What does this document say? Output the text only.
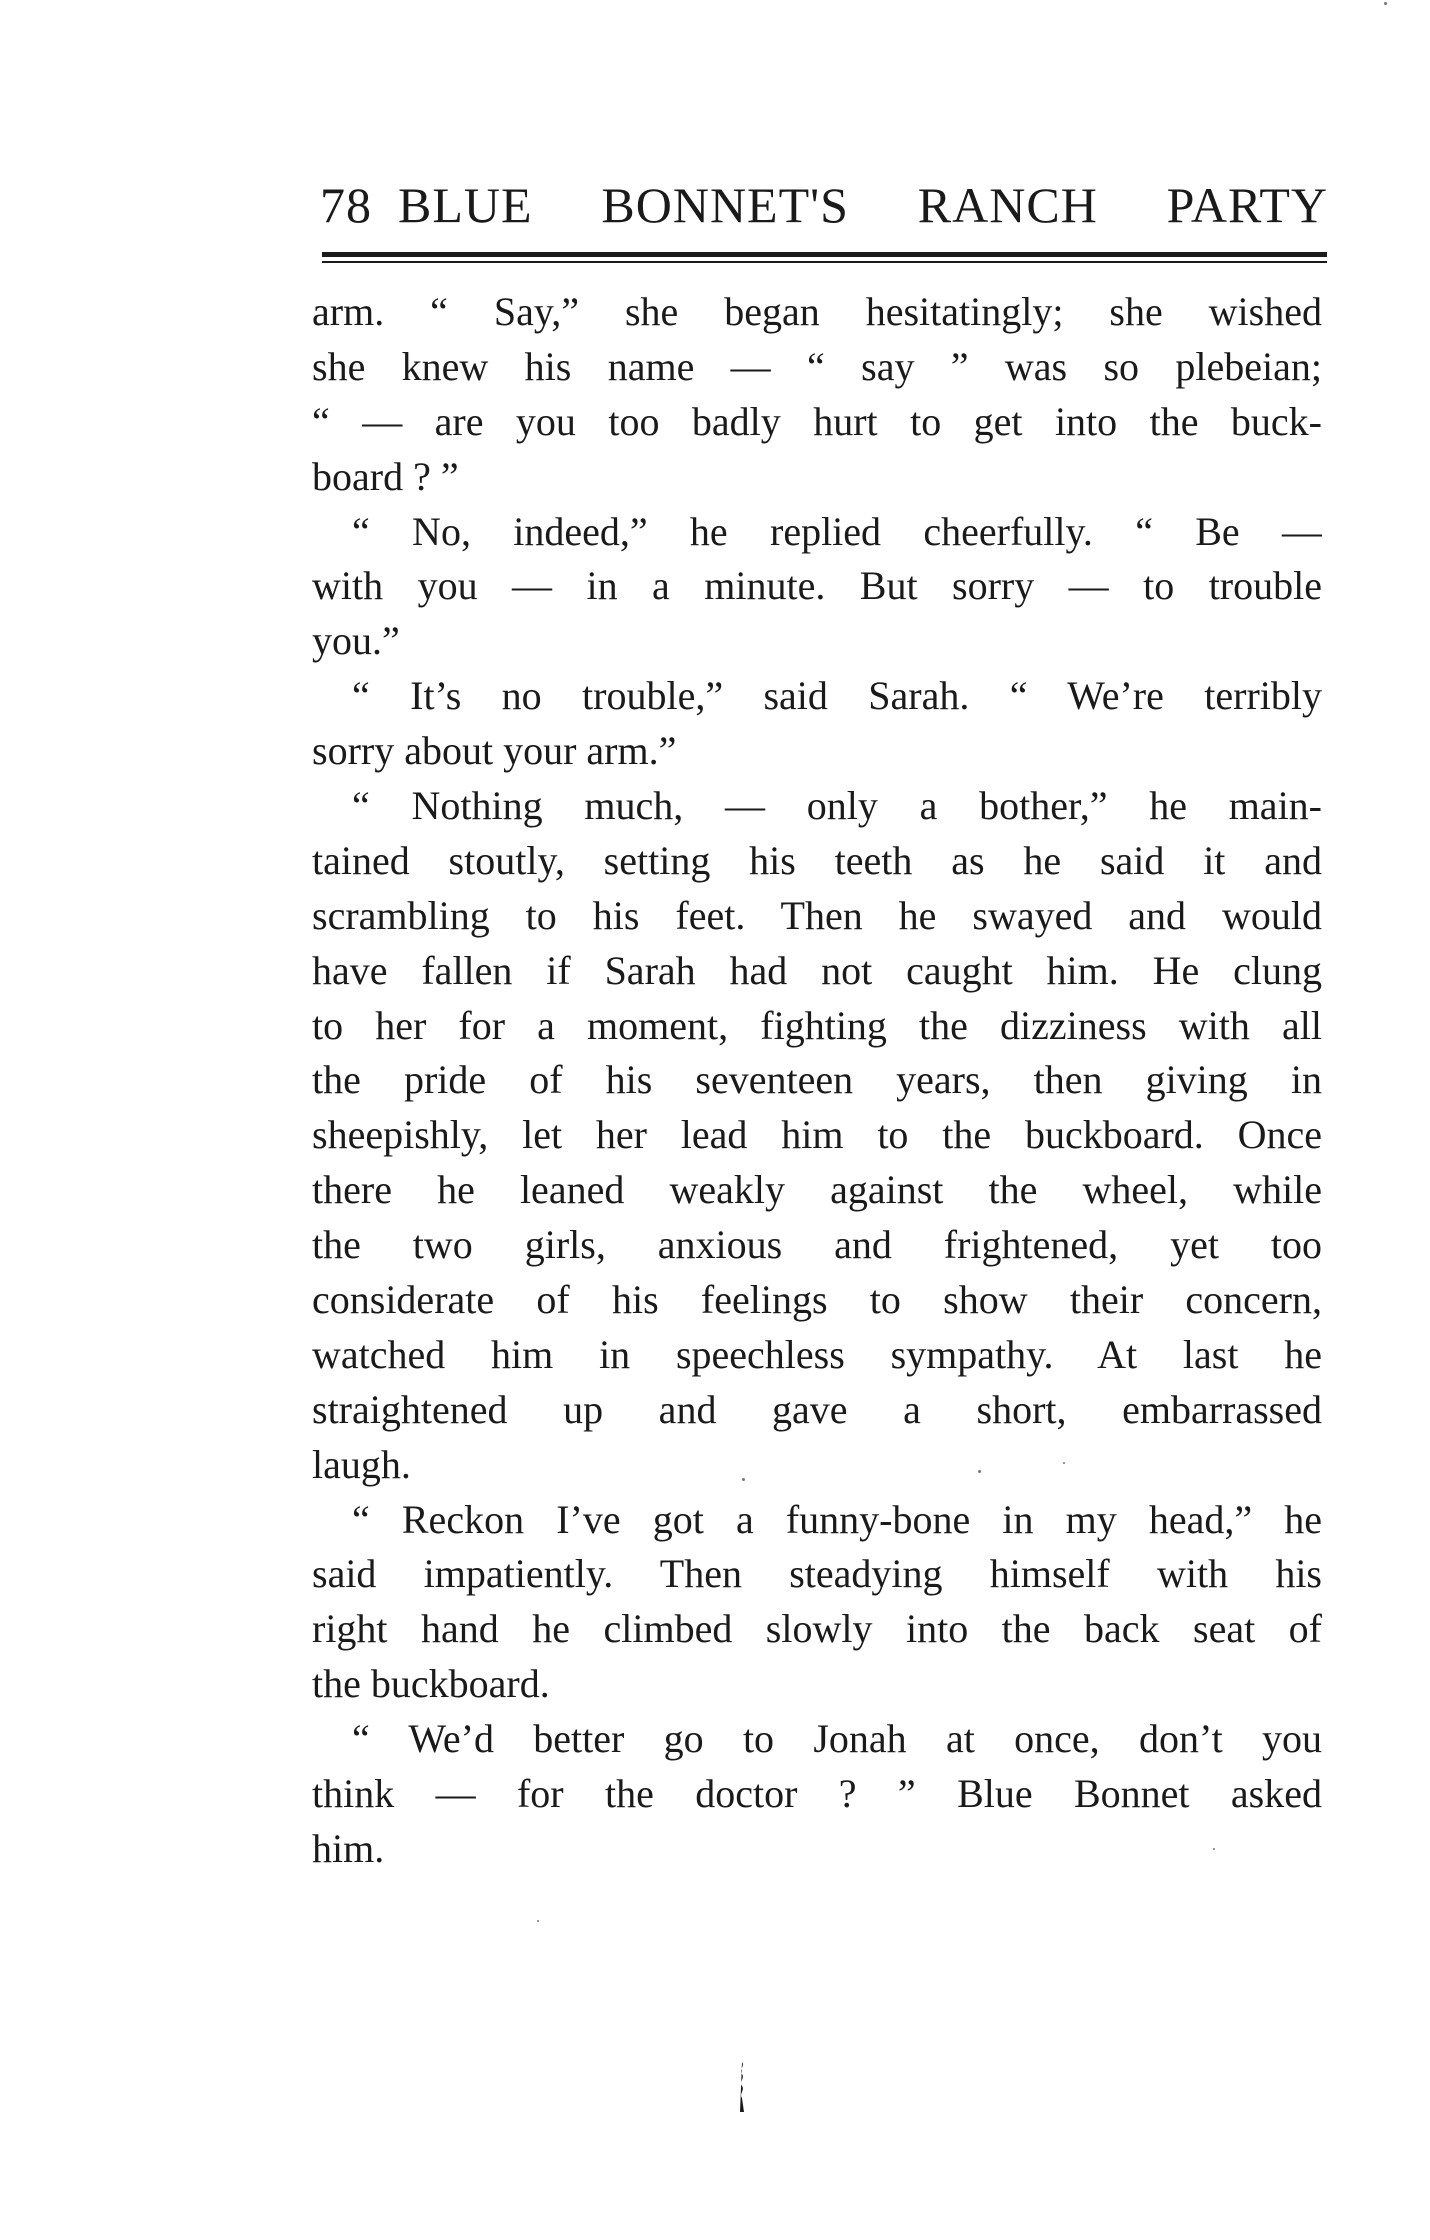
78 BLUE BONNET'S RANCH PARTY
arm. “ Say,” she began hesitatingly; she wished
she knew his name — “ say ” was so plebeian;
“ — are you too badly hurt to get into the buck-
board ? ”
“ No, indeed,” he replied cheerfully. “ Be —
with you — in a minute. But sorry — to trouble
you.”
“ It’s no trouble,” said Sarah. “ We’re terribly
sorry about your arm.”
“ Nothing much, — only a bother,” he main-
tained stoutly, setting his teeth as he said it and
scrambling to his feet. Then he swayed and would
have fallen if Sarah had not caught him. He clung
to her for a moment, fighting the dizziness with all
the pride of his seventeen years, then giving in
sheepishly, let her lead him to the buckboard. Once
there he leaned weakly against the wheel, while
the two girls, anxious and frightened, yet too
considerate of his feelings to show their concern,
watched him in speechless sympathy. At last he
straightened up and gave a short, embarrassed
laugh.
“ Reckon I’ve got a funny-bone in my head,” he
said impatiently. Then steadying himself with his
right hand he climbed slowly into the back seat of
the buckboard.
“ We’d better go to Jonah at once, don’t you
think — for the doctor ? ” Blue Bonnet asked
him.
